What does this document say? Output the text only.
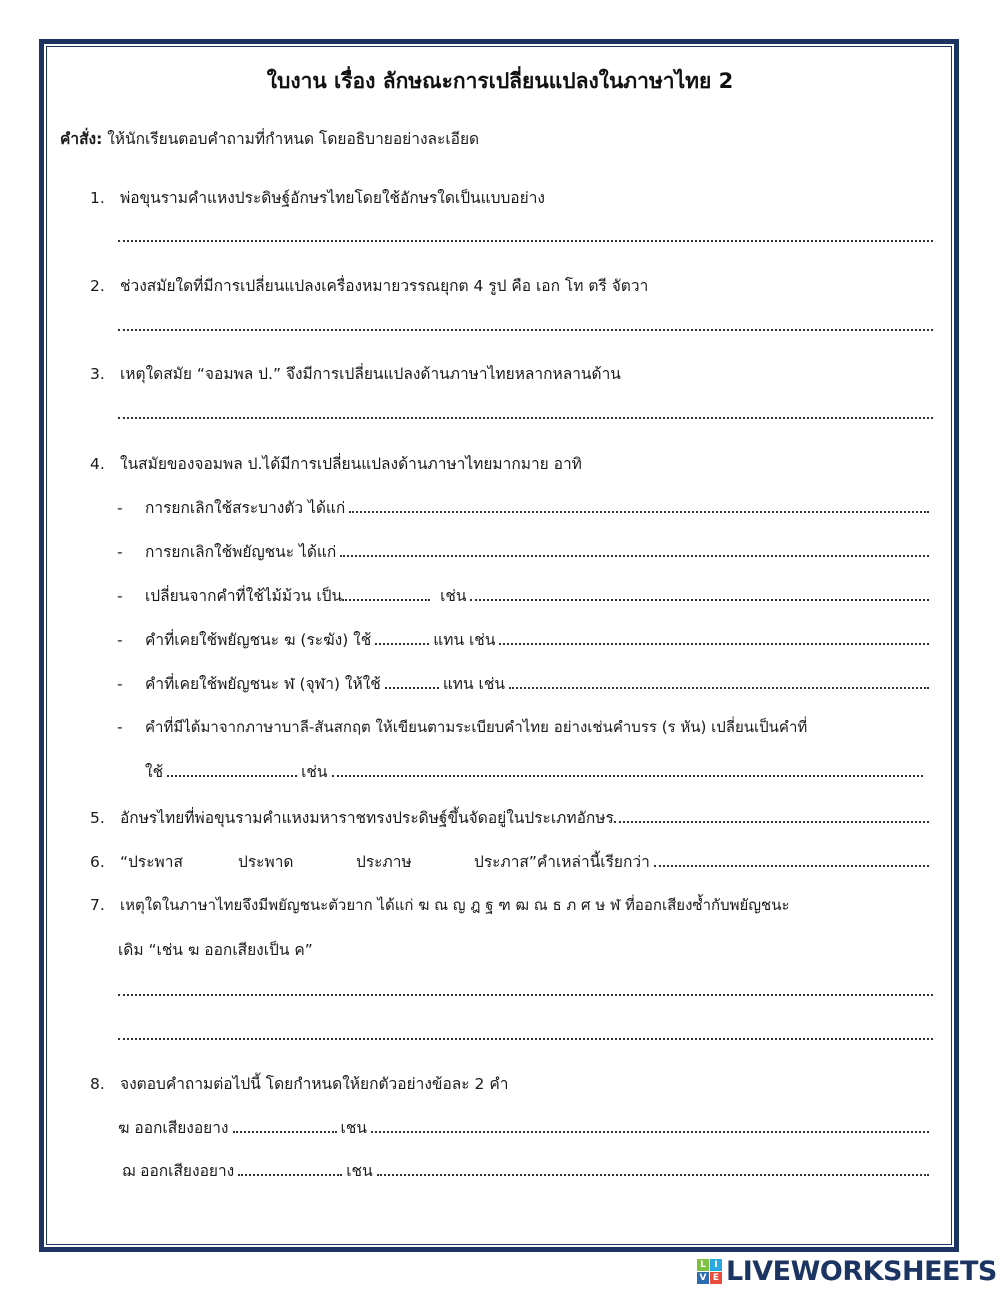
ใบงาน เรื่อง ลักษณะการเปลี่ยนแปลงในภาษาไทย 2
คำสั่ง: ให้นักเรียนตอบคำถามที่กำหนด โดยอธิบายอย่างละเอียด
1. พ่อขุนรามคำแหงประดิษฐ์อักษรไทยโดยใช้อักษรใดเป็นแบบอย่าง
2. ช่วงสมัยใดที่มีการเปลี่ยนแปลงเครื่องหมายวรรณยุกต 4 รูป คือ เอก โท ตรี จัตวา
3. เหตุใดสมัย “จอมพล ป.” จึงมีการเปลี่ยนแปลงด้านภาษาไทยหลากหลานด้าน
4. ในสมัยของจอมพล ป.ได้มีการเปลี่ยนแปลงด้านภาษาไทยมากมาย อาทิ
-	การยกเลิกใช้สระบางตัว ได้แก่
-	การยกเลิกใช้พยัญชนะ ได้แก่
-	เปลี่ยนจากคำที่ใช้ไม้ม้วน เป็น	เช่น
-	คำที่เคยใช้พยัญชนะ ฆ (ระฆัง) ใช้	แทน เช่น
-	คำที่เคยใช้พยัญชนะ ฬ (จุฬา) ให้ใช้	แทน เช่น
-	คำที่มีได้มาจากภาษาบาลี-สันสกฤต ให้เขียนตามระเบียบคำไทย อย่างเช่นคำบรร (ร หัน) เปลี่ยนเป็นคำที่
ใช้	เช่น
5. อักษรไทยที่พ่อขุนรามคำแหงมหาราชทรงประดิษฐ์ขึ้นจัดอยู่ในประเภทอักษร
6. “ประพาส	ประพาด	ประภาษ	ประภาส” คำเหล่านี้เรียกว่า
7.	เหตุใดในภาษาไทยจึงมีพยัญชนะตัวยาก ได้แก่ ฆ ณ ญ ฎ ฐ ฑ ฒ ณ ธ ภ ศ ษ ฬ ที่ออกเสียงซ้ำกับพยัญชนะ
เดิม “เช่น ฆ ออกเสียงเป็น ค”
8. จงตอบคำถามต่อไปนี้ โดยกำหนดให้ยกตัวอย่างข้อละ 2 คำ
ฆ ออกเสียงอยาง	เชน
ฌ ออกเสียงอยาง	เชน
L I
V E LIVEWORKSHEETS
